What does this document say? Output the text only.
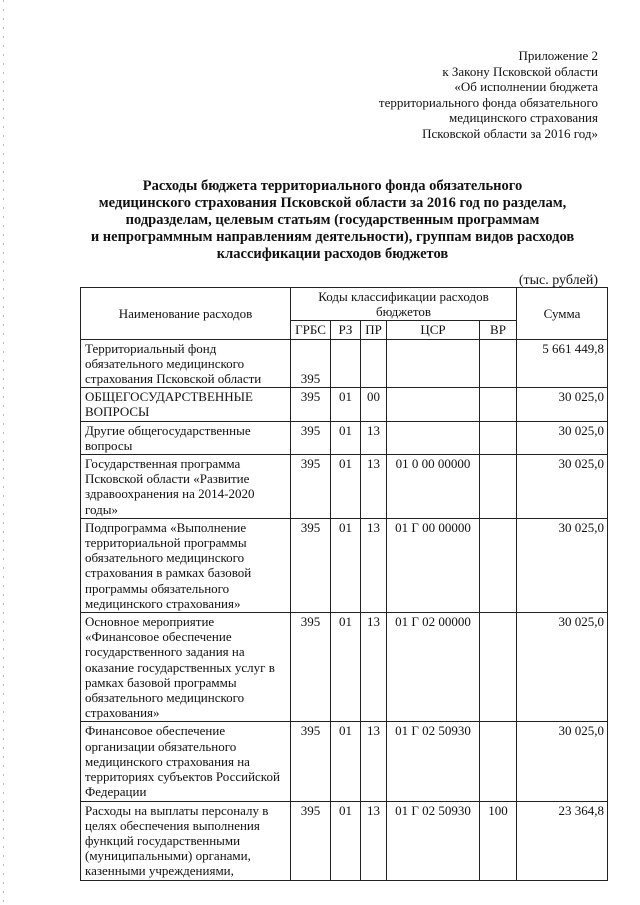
Приложение 2
к Закону Псковской области
«Об исполнении бюджета
территориального фонда обязательного
медицинского страхования
Псковской области за 2016 год»
Расходы бюджета территориального фонда обязательного
медицинского страхования Псковской области за 2016 год по разделам,
подразделам, целевым статьям (государственным программам
и непрограммным направлениям деятельности), группам видов расходов
классификации расходов бюджетов
(тыс. рублей)
Наименование расходов	Коды классификации расходов бюджетов					Сумма
	ГРБС	РЗ	ПР	ЦСР	ВР	
Территориальный фонд обязательного медицинского страхования Псковской области	395					5 661 449,8
ОБЩЕГОСУДАРСТВЕННЫЕ ВОПРОСЫ	395	01	00			30 025,0
Другие общегосударственные вопросы	395	01	13			30 025,0
Государственная программа Псковской области «Развитие здравоохранения на 2014-2020 годы»	395	01	13	01 0 00 00000		30 025,0
Подпрограмма «Выполнение территориальной программы обязательного медицинского страхования в рамках базовой программы обязательного медицинского страхования»	395	01	13	01 Г 00 00000		30 025,0
Основное мероприятие «Финансовое обеспечение государственного задания на оказание государственных услуг в рамках базовой программы обязательного медицинского страхования»	395	01	13	01 Г 02 00000		30 025,0
Финансовое обеспечение организации обязательного медицинского страхования на территориях субъектов Российской Федерации	395	01	13	01 Г 02 50930		30 025,0
Расходы на выплаты персоналу в целях обеспечения выполнения функций государственными (муниципальными) органами, казенными учреждениями,	395	01	13	01 Г 02 50930	100	23 364,8
